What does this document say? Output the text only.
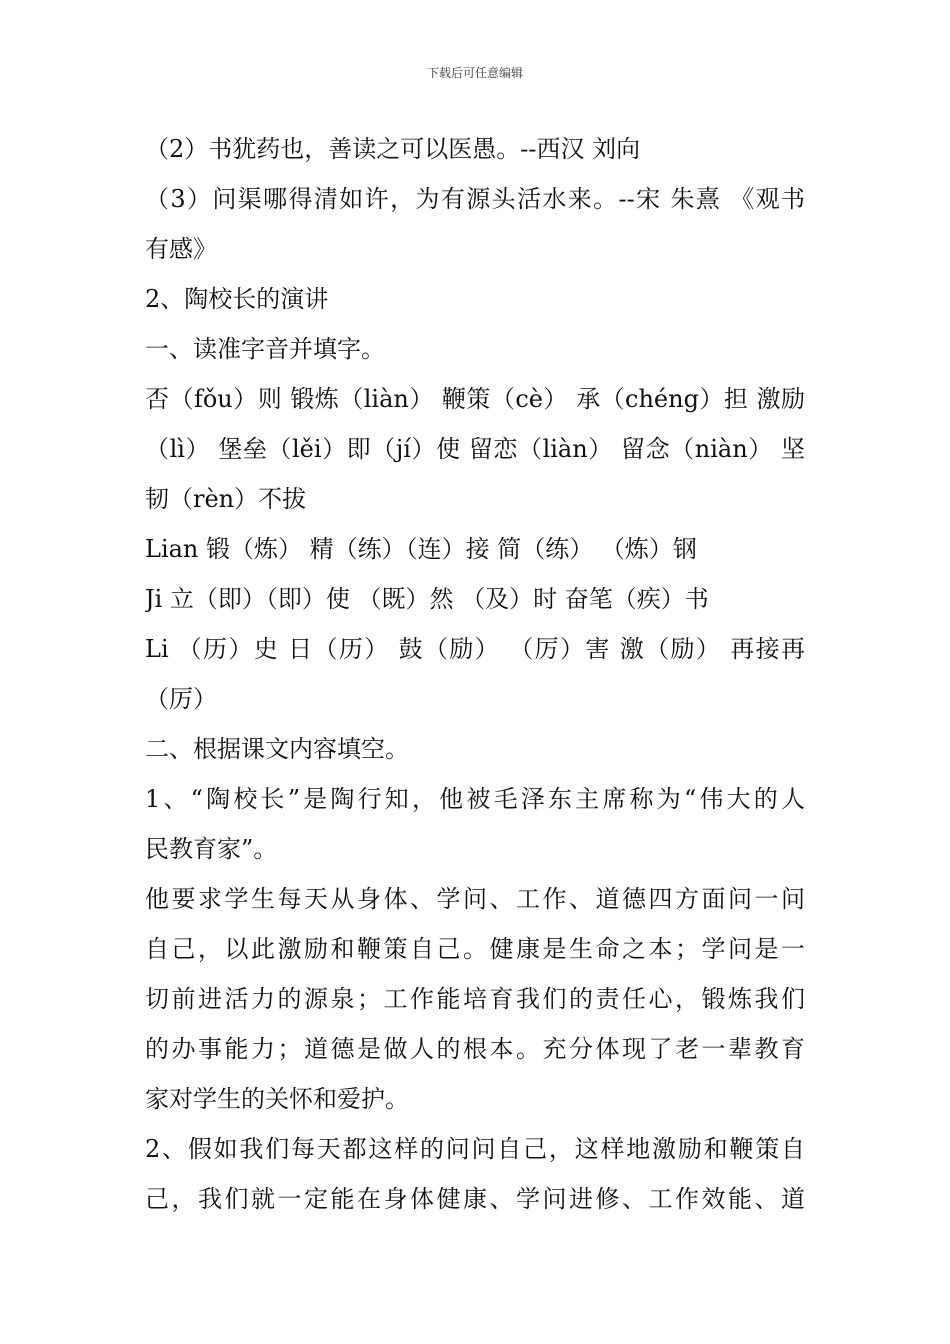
下载后可任意编辑
（2）书犹药也，善读之可以医愚。--西汉 刘向
（3）问渠哪得清如许，为有源头活水来。--宋 朱熹 《观书
有感》
2、陶校长的演讲
一、读准字音并填字。
否（fǒu）则 锻炼（liàn） 鞭策（cè） 承（chéng）担 激励
（lì） 堡垒（lěi）即（jí）使 留恋（liàn） 留念（niàn） 坚
韧（rèn）不拔
Lian 锻（炼） 精（练）（连）接 简（练） （炼）钢
Ji 立（即）（即）使 （既）然 （及）时 奋笔（疾）书
Li （历）史 日（历） 鼓（励） （厉）害 激（励） 再接再
（厉）
二、根据课文内容填空。
1、“陶校长”是陶行知，他被毛泽东主席称为“伟大的人
民教育家”。
他要求学生每天从身体、学问、工作、道德四方面问一问
自己，以此激励和鞭策自己。健康是生命之本；学问是一
切前进活力的源泉；工作能培育我们的责任心，锻炼我们
的办事能力；道德是做人的根本。充分体现了老一辈教育
家对学生的关怀和爱护。
2、假如我们每天都这样的问问自己，这样地激励和鞭策自
己，我们就一定能在身体健康、学问进修、工作效能、道
